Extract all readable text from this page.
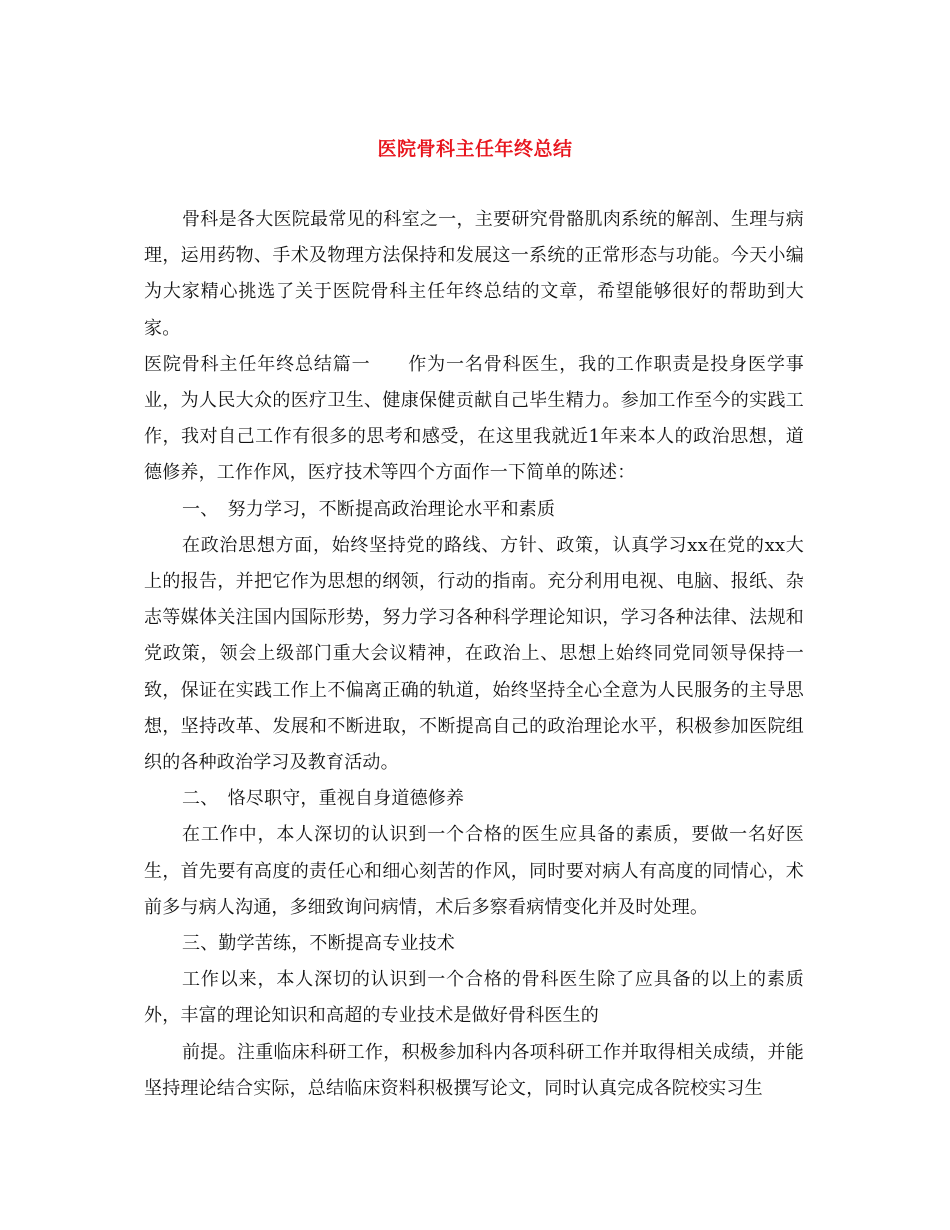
医院骨科主任年终总结

骨科是各大医院最常见的科室之一，主要研究骨骼肌肉系统的解剖、生理与病理，运用药物、手术及物理方法保持和发展这一系统的正常形态与功能。今天小编为大家精心挑选了关于医院骨科主任年终总结的文章，希望能够很好的帮助到大家。

医院骨科主任年终总结篇一　　作为一名骨科医生，我的工作职责是投身医学事业，为人民大众的医疗卫生、健康保健贡献自己毕生精力。参加工作至今的实践工作，我对自己工作有很多的思考和感受，在这里我就近1年来本人的政治思想，道德修养，工作作风，医疗技术等四个方面作一下简单的陈述：

一、　努力学习，不断提高政治理论水平和素质

在政治思想方面，始终坚持党的路线、方针、政策，认真学习xx在党的xx大上的报告，并把它作为思想的纲领，行动的指南。充分利用电视、电脑、报纸、杂志等媒体关注国内国际形势，努力学习各种科学理论知识，学习各种法律、法规和党政策，领会上级部门重大会议精神，在政治上、思想上始终同党同领导保持一致，保证在实践工作上不偏离正确的轨道，始终坚持全心全意为人民服务的主导思想，坚持改革、发展和不断进取，不断提高自己的政治理论水平，积极参加医院组织的各种政治学习及教育活动。

二、　恪尽职守，重视自身道德修养

在工作中，本人深切的认识到一个合格的医生应具备的素质，要做一名好医生，首先要有高度的责任心和细心刻苦的作风，同时要对病人有高度的同情心，术前多与病人沟通，多细致询问病情，术后多察看病情变化并及时处理。

三、勤学苦练，不断提高专业技术

工作以来，本人深切的认识到一个合格的骨科医生除了应具备的以上的素质外，丰富的理论知识和高超的专业技术是做好骨科医生的

前提。注重临床科研工作，积极参加科内各项科研工作并取得相关成绩，并能坚持理论结合实际，总结临床资料积极撰写论文，同时认真完成各院校实习生
